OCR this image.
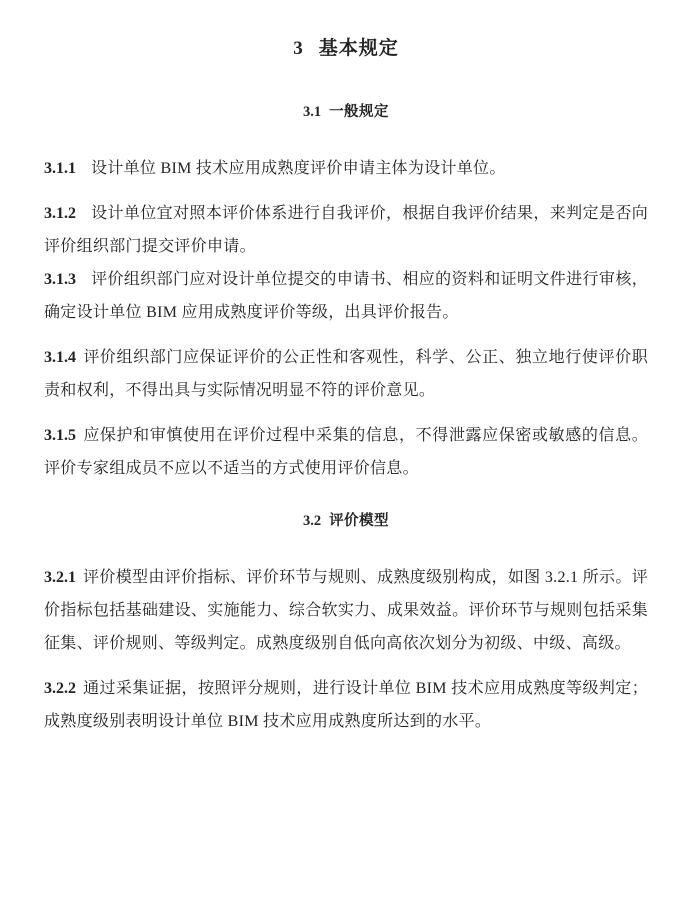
3 基本规定
3.1 一般规定

3.1.1 设计单位 BIM 技术应用成熟度评价申请主体为设计单位。

3.1.2 设计单位宜对照本评价体系进行自我评价，根据自我评价结果，来判定是否向评价组织部门提交评价申请。

3.1.3 评价组织部门应对设计单位提交的申请书、相应的资料和证明文件进行审核，确定设计单位 BIM 应用成熟度评价等级，出具评价报告。

3.1.4 评价组织部门应保证评价的公正性和客观性，科学、公正、独立地行使评价职责和权利，不得出具与实际情况明显不符的评价意见。

3.1.5 应保护和审慎使用在评价过程中采集的信息，不得泄露应保密或敏感的信息。评价专家组成员不应以不适当的方式使用评价信息。

3.2 评价模型

3.2.1 评价模型由评价指标、评价环节与规则、成熟度级别构成，如图 3.2.1 所示。评价指标包括基础建设、实施能力、综合软实力、成果效益。评价环节与规则包括采集征集、评价规则、等级判定。成熟度级别自低向高依次划分为初级、中级、高级。

3.2.2 通过采集证据，按照评分规则，进行设计单位 BIM 技术应用成熟度等级判定；成熟度级别表明设计单位 BIM 技术应用成熟度所达到的水平。
